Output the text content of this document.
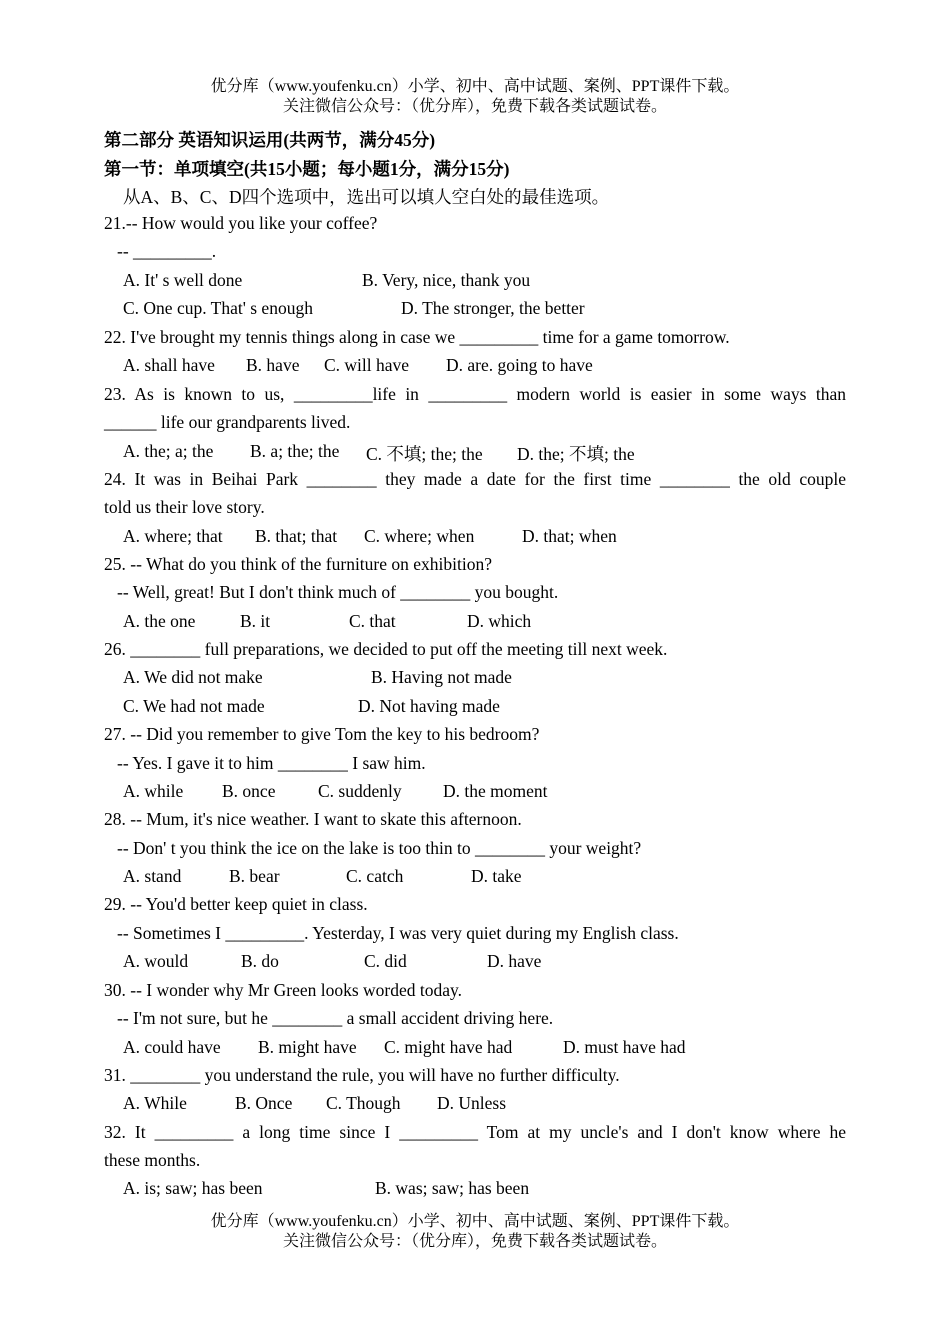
优分库（www.youfenku.cn）小学、初中、高中试题、案例、PPT课件下载。
关注微信公众号：（优分库），免费下载各类试题试卷。
第二部分 英语知识运用(共两节，满分45分)
第一节：单项填空(共15小题；每小题1分，满分15分)
从A、B、C、D四个选项中，选出可以填人空白处的最佳选项。
21.-- How would you like your coffee?
-- _________.
A. It' s well done	B. Very, nice, thank you
C. One cup. That' s enough	D. The stronger, the better
22. I've brought my tennis things along in case we _________ time for a game tomorrow.
A. shall have B. have C. will have D. are. going to have
23. As is known to us, _________life in _________ modern world is easier in some ways than
______ life our grandparents lived.
A. the; a; the B. a; the; the C. 不填; the; the D. the; 不填; the
24. It was in Beihai Park ________ they made a date for the first time ________ the old couple
told us their love story.
A. where; that B. that; that C. where; when	D. that; when
25. -- What do you think of the furniture on exhibition?
-- Well, great! But I don't think much of ________ you bought.
A. the one	B. it	C. that	D. which
26. ________ full preparations, we decided to put off the meeting till next week.
A. We did not make	B. Having not made
C. We had not made	D. Not having made
27. -- Did you remember to give Tom the key to his bedroom?
-- Yes. I gave it to him ________ I saw him.
A. while B. once C. suddenly D. the moment
28. -- Mum, it's nice weather. I want to skate this afternoon.
-- Don' t you think the ice on the lake is too thin to ________ your weight?
A. stand	B. bear	C. catch	D. take
29. -- You'd better keep quiet in class.
-- Sometimes I _________. Yesterday, I was very quiet during my English class.
A. would	B. do	C. did	D. have
30. -- I wonder why Mr Green looks worded today.
-- I'm not sure, but he ________ a small accident driving here.
A. could have B. might have C. might have had	D. must have had
31. ________ you understand the rule, you will have no further difficulty.
A. While	B. Once C. Though D. Unless
32. It _________ a long time since I _________ Tom at my uncle's and I don't know where he
these months.
A. is; saw; has been	B. was; saw; has been
优分库（www.youfenku.cn）小学、初中、高中试题、案例、PPT课件下载。
关注微信公众号：（优分库），免费下载各类试题试卷。
